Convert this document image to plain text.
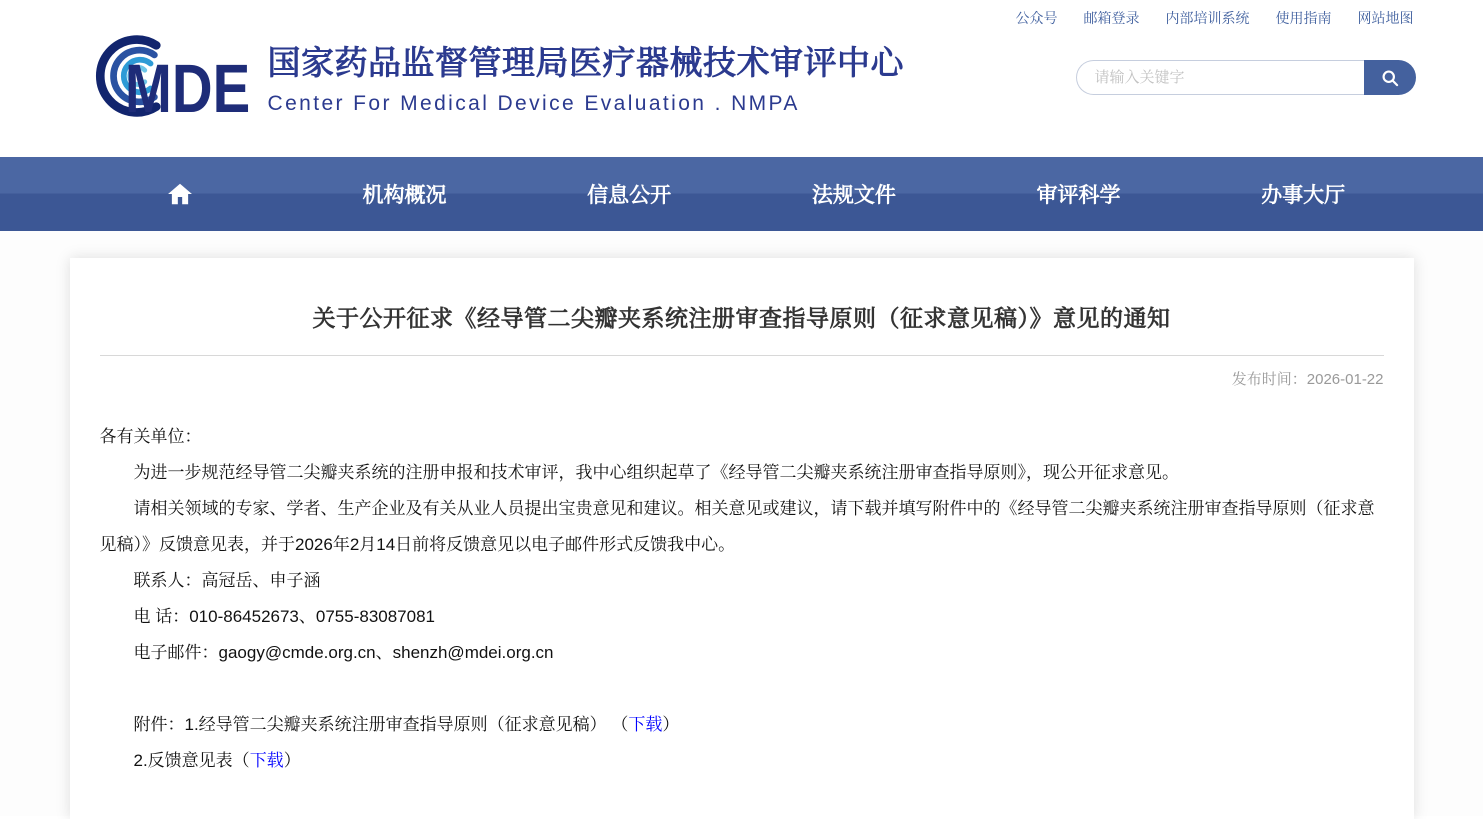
公众号 邮箱登录 内部培训系统 使用指南 网站地图
MDE 国家药品监督管理局医疗器械技术审评中心
Center For Medical Device Evaluation . NMPA
请输入关键字
机构概况	信息公开	法规文件	审评科学	办事大厅
关于公开征求《经导管二尖瓣夹系统注册审查指导原则（征求意见稿）》意见的通知
发布时间：2026-01-22

各有关单位：

为进一步规范经导管二尖瓣夹系统的注册申报和技术审评，我中心组织起草了《经导管二尖瓣夹系统注册审查指导原则》，现公开征求意见。

请相关领域的专家、学者、生产企业及有关从业人员提出宝贵意见和建议。相关意见或建议，请下载并填写附件中的《经导管二尖瓣夹系统注册审查指导原则（征求意见稿）》反馈意见表，并于2026年2月14日前将反馈意见以电子邮件形式反馈我中心。

联系人：高冠岳、申子涵

电 话：010-86452673、0755-83087081

电子邮件：gaogy@cmde.org.cn、shenzh@mdei.org.cn

附件：1.经导管二尖瓣夹系统注册审查指导原则（征求意见稿） （下载）

2.反馈意见表（下载）
